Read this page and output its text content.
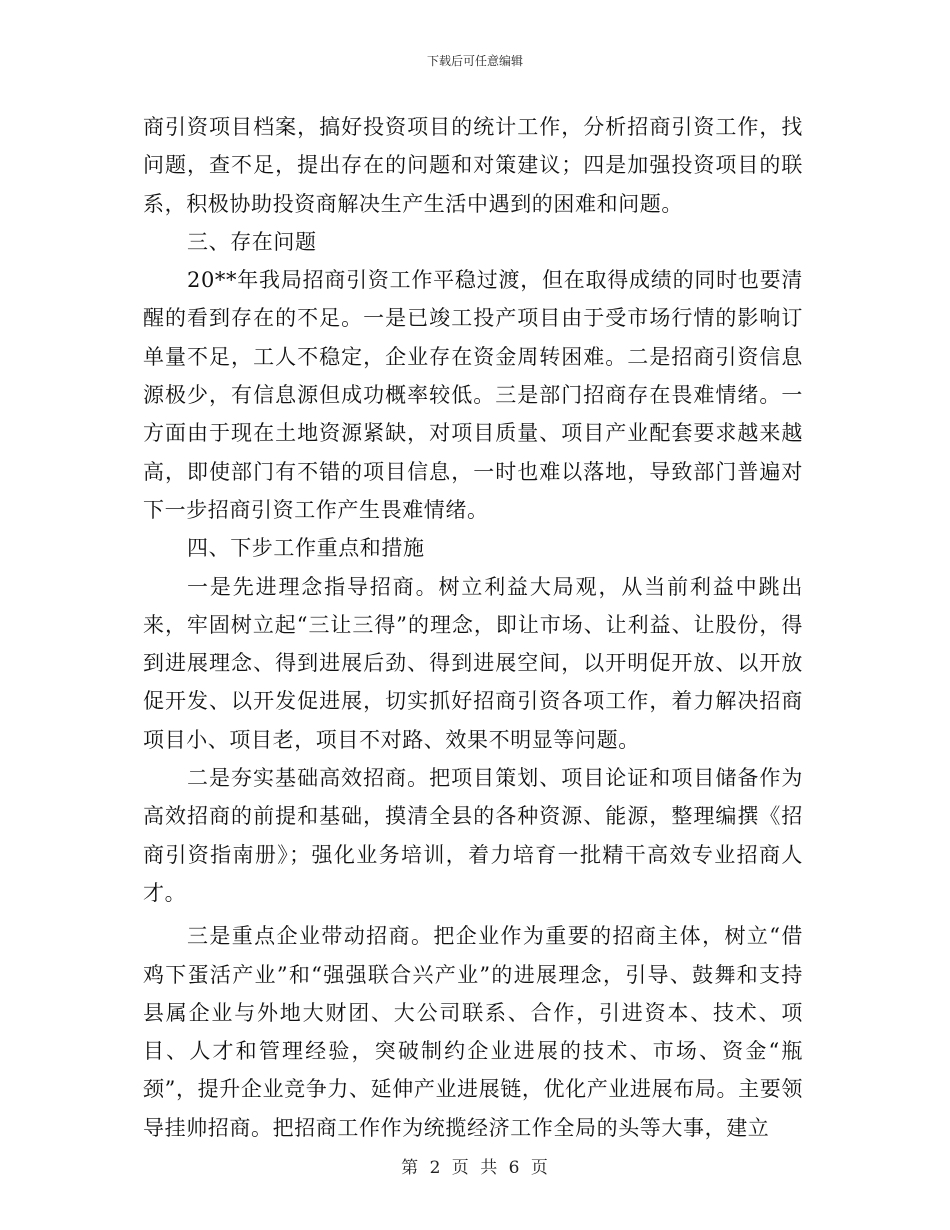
下载后可任意编辑

商引资项目档案，搞好投资项目的统计工作，分析招商引资工作，找问题，查不足，提出存在的问题和对策建议；四是加强投资项目的联系，积极协助投资商解决生产生活中遇到的困难和问题。

三、存在问题

20**年我局招商引资工作平稳过渡，但在取得成绩的同时也要清醒的看到存在的不足。一是已竣工投产项目由于受市场行情的影响订单量不足，工人不稳定，企业存在资金周转困难。二是招商引资信息源极少，有信息源但成功概率较低。三是部门招商存在畏难情绪。一方面由于现在土地资源紧缺，对项目质量、项目产业配套要求越来越高，即使部门有不错的项目信息，一时也难以落地，导致部门普遍对下一步招商引资工作产生畏难情绪。

四、下步工作重点和措施

一是先进理念指导招商。树立利益大局观，从当前利益中跳出来，牢固树立起“三让三得”的理念，即让市场、让利益、让股份，得到进展理念、得到进展后劲、得到进展空间，以开明促开放、以开放促开发、以开发促进展，切实抓好招商引资各项工作，着力解决招商项目小、项目老，项目不对路、效果不明显等问题。

二是夯实基础高效招商。把项目策划、项目论证和项目储备作为高效招商的前提和基础，摸清全县的各种资源、能源，整理编撰《招商引资指南册》；强化业务培训，着力培育一批精干高效专业招商人才。

三是重点企业带动招商。把企业作为重要的招商主体，树立“借鸡下蛋活产业”和“强强联合兴产业”的进展理念，引导、鼓舞和支持县属企业与外地大财团、大公司联系、合作，引进资本、技术、项目、人才和管理经验，突破制约企业进展的技术、市场、资金“瓶颈”，提升企业竞争力、延伸产业进展链，优化产业进展布局。主要领导挂帅招商。把招商工作作为统揽经济工作全局的头等大事，建立

第 2 页 共 6 页
